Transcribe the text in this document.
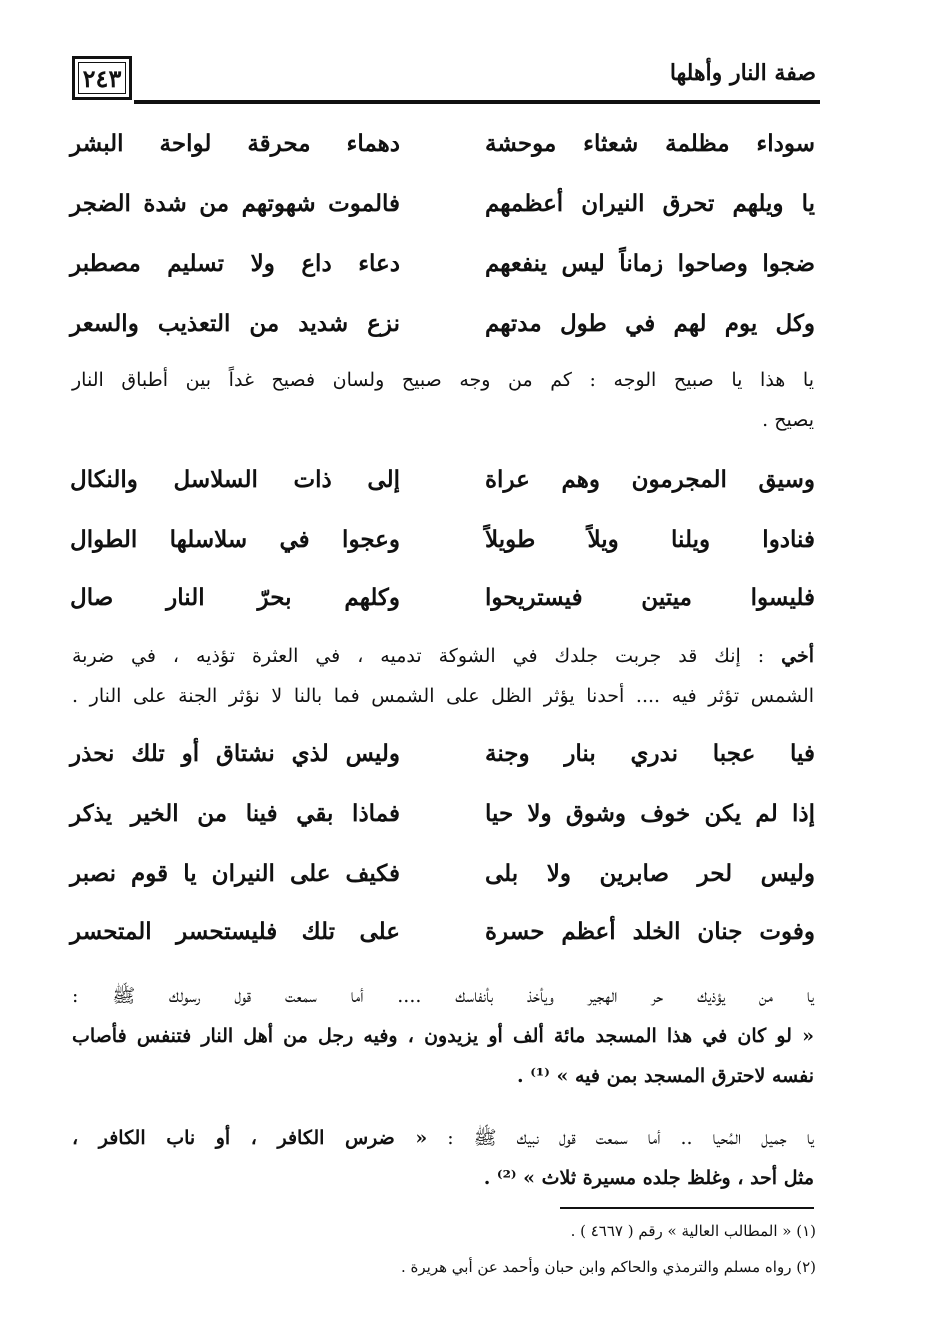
٢٤٣	صفة النار وأهلها
سوداء مظلمة شعثاء موحشة
دهماء محرقة لواحة البشر
يا ويلهم تحرق النيران أعظمهم
فالموت شهوتهم من شدة الضجر
ضجوا وصاحوا زماناً ليس ينفعهم
دعاء داع ولا تسليم مصطبر
وكل يوم لهم في طول مدتهم
نزع شديد من التعذيب والسعر
يا هذا يا صبيح الوجه : كم من وجه صبيح ولسان فصيح غداً بين أطباق النار
يصيح .
وسيق المجرمون وهم عراة
إلى ذات السلاسل والنكال
فنادوا ويلنا ويلاً طويلاً
وعجوا في سلاسلها الطوال
فليسوا ميتين فيستريحوا
وكلهم بحرّ النار صال
أخي : إنك قد جربت جلدك في الشوكة تدميه ، في العثرة تؤذيه ، في ضربة
الشمس تؤثر فيه .... أحدنا يؤثر الظل على الشمس فما بالنا لا نؤثر الجنة على النار .
فيا عجبا ندري بنار وجنة
وليس لذي نشتاق أو تلك نحذر
إذا لم يكن خوف وشوق ولا حيا
فماذا بقي فينا من الخير يذكر
وليس لحر صابرين ولا بلى
فكيف على النيران يا قوم نصبر
وفوت جنان الخلد أعظم حسرة
على تلك فليستحسر المتحسر
يا من يؤذيك حر الهجير ويأخذ بأنفاسك .... أما سمعت قول رسولك ﷺ :
« لو كان في هذا المسجد مائة ألف أو يزيدون ، وفيه رجل من أهل النار فتنفس فأصاب
نفسه لاحترق المسجد بمن فيه » ⁽¹⁾ .
يا جميل المُحيا .. أما سمعت قول نبيك ﷺ : « ضرس الكافر ، أو ناب الكافر ،
مثل أحد ، وغلظ جلده مسيرة ثلاث » ⁽²⁾ .
(١) « المطالب العالية » رقم ( ٤٦٦٧ ) .
(٢) رواه مسلم والترمذي والحاكم وابن حبان وأحمد عن أبي هريرة .
